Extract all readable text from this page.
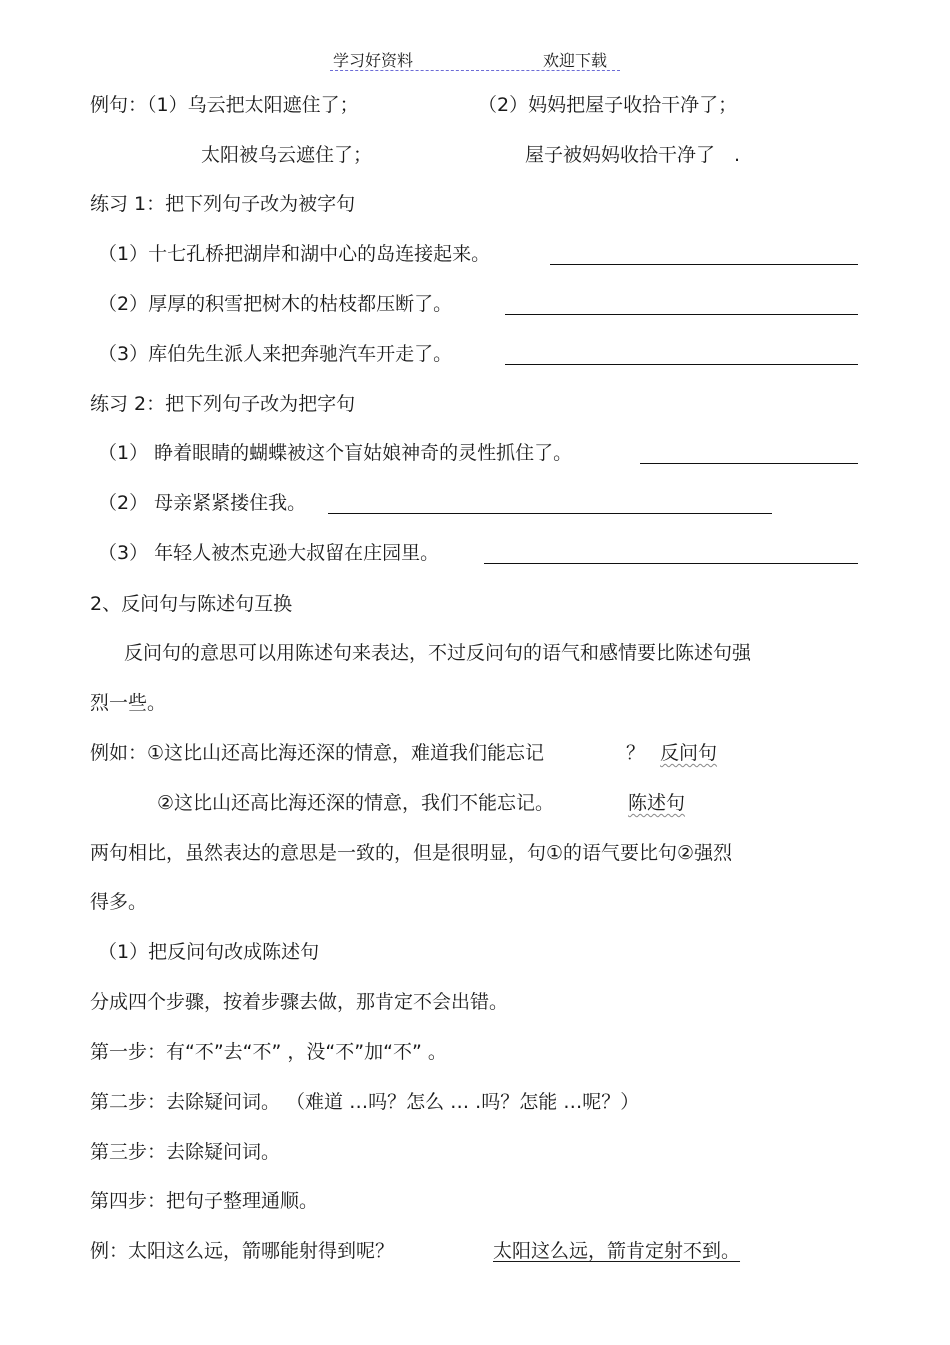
学习好资料	欢迎下载
例句：（1）乌云把太阳遮住了；	（2）妈妈把屋子收拾干净了；
太阳被乌云遮住了；	屋子被妈妈收拾干净了　.
练习 1：把下列句子改为被字句
（1）十七孔桥把湖岸和湖中心的岛连接起来。
（2）厚厚的积雪把树木的枯枝都压断了。
（3）库伯先生派人来把奔驰汽车开走了。
练习 2：把下列句子改为把字句
（1） 睁着眼睛的蝴蝶被这个盲姑娘神奇的灵性抓住了。
（2） 母亲紧紧搂住我。
（3） 年轻人被杰克逊大叔留在庄园里。
2、反问句与陈述句互换
反问句的意思可以用陈述句来表达，不过反问句的语气和感情要比陈述句强
烈一些。
例如：①这比山还高比海还深的情意，难道我们能忘记	？ 反问句
②这比山还高比海还深的情意，我们不能忘记。	陈述句
两句相比，虽然表达的意思是一致的，但是很明显，句①的语气要比句②强烈
得多。
（1）把反问句改成陈述句
分成四个步骤，按着步骤去做，那肯定不会出错。
第一步：有“不”去“不” ，没“不”加“不” 。
第二步：去除疑问词。 （难道 …吗？怎么 … .吗？怎能 …呢？）
第三步：去除疑问词。
第四步：把句子整理通顺。
例：太阳这么远，箭哪能射得到呢？	太阳这么远，箭肯定射不到。
